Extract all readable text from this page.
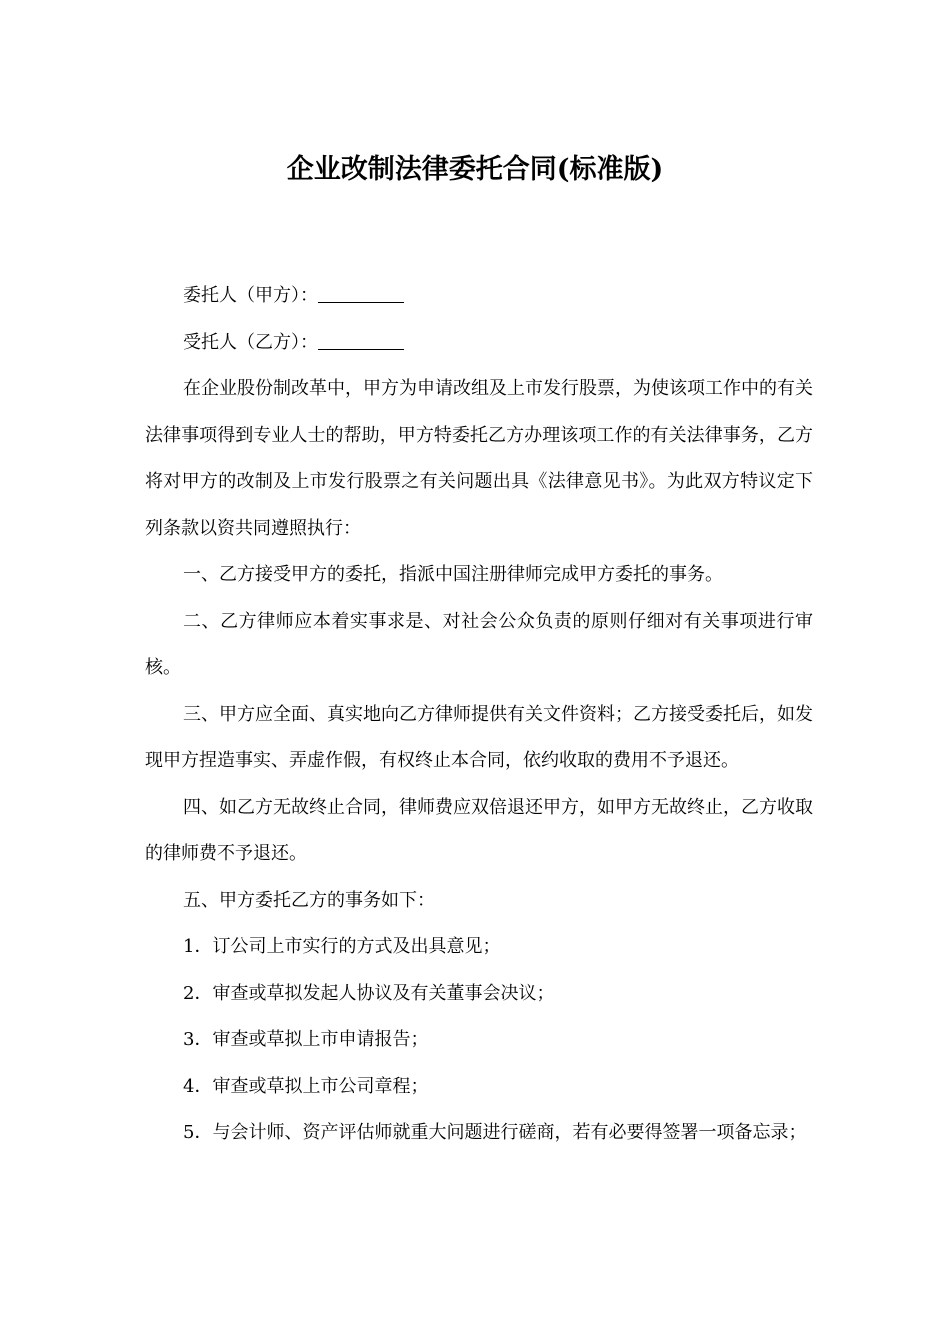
企业改制法律委托合同(标准版)

委托人（甲方）：

受托人（乙方）：

在企业股份制改革中，甲方为申请改组及上市发行股票，为使该项工作中的有关法律事项得到专业人士的帮助，甲方特委托乙方办理该项工作的有关法律事务，乙方将对甲方的改制及上市发行股票之有关问题出具《法律意见书》。为此双方特议定下列条款以资共同遵照执行：

一、乙方接受甲方的委托，指派中国注册律师完成甲方委托的事务。

二、乙方律师应本着实事求是、对社会公众负责的原则仔细对有关事项进行审核。

三、甲方应全面、真实地向乙方律师提供有关文件资料；乙方接受委托后，如发现甲方捏造事实、弄虚作假，有权终止本合同，依约收取的费用不予退还。

四、如乙方无故终止合同，律师费应双倍退还甲方，如甲方无故终止，乙方收取的律师费不予退还。

五、甲方委托乙方的事务如下：

1．订公司上市实行的方式及出具意见；

2．审查或草拟发起人协议及有关董事会决议；

3．审查或草拟上市申请报告；

4．审查或草拟上市公司章程；

5．与会计师、资产评估师就重大问题进行磋商，若有必要得签署一项备忘录；
